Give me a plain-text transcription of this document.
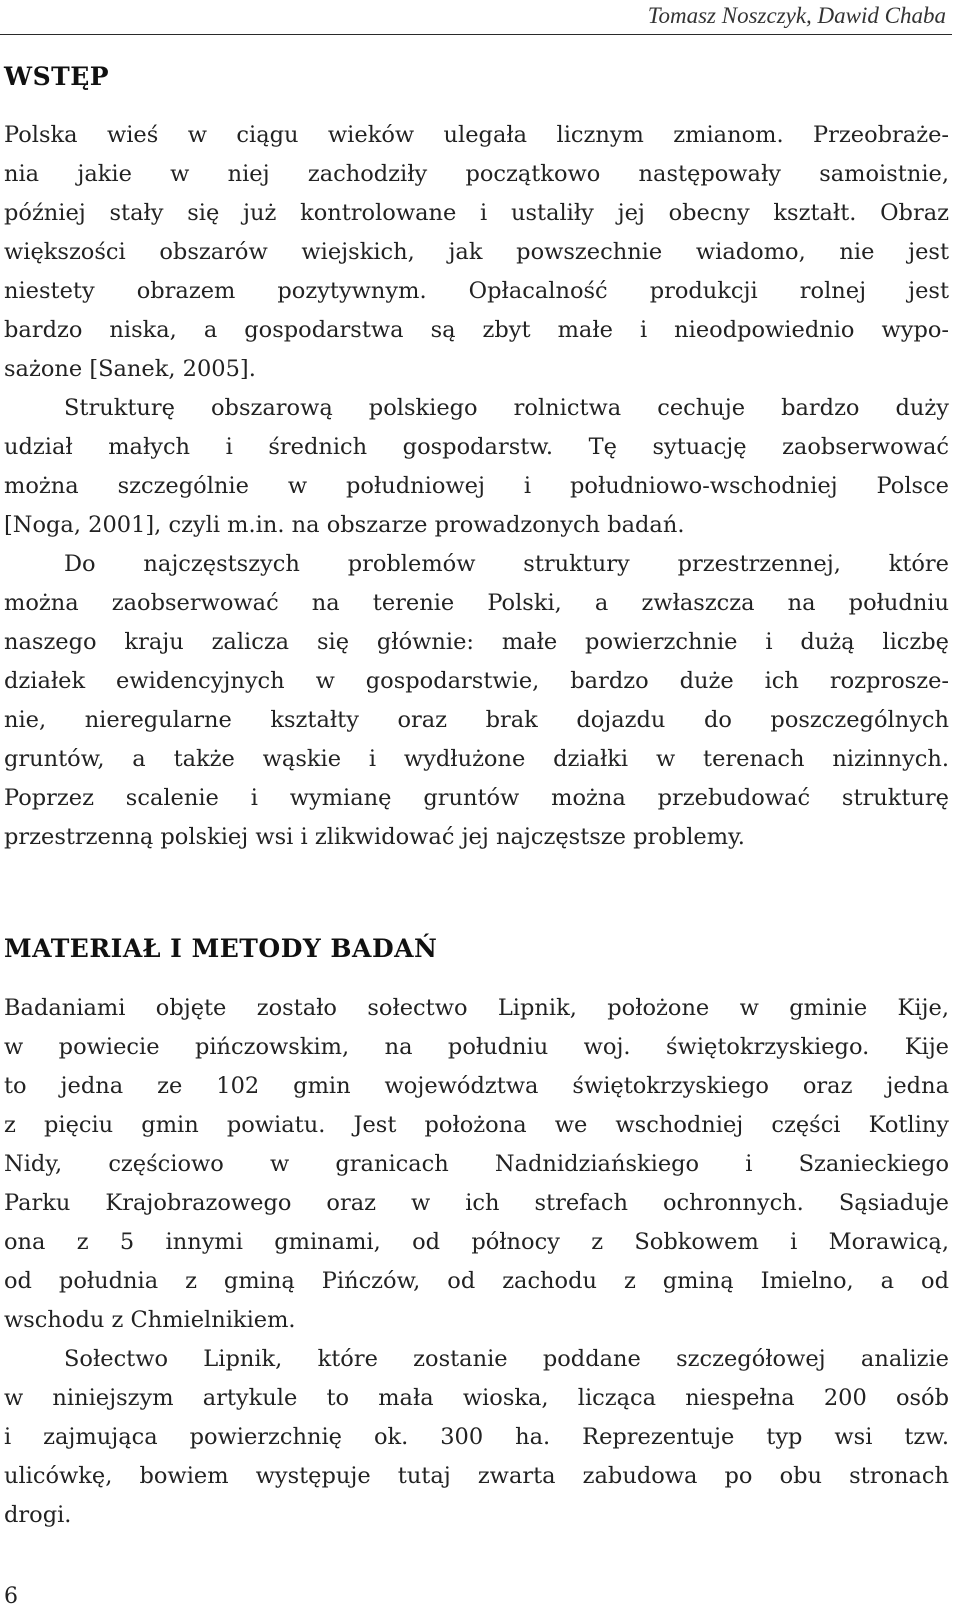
Tomasz Noszczyk, Dawid Chaba
WSTĘP
Polska wieś w ciągu wieków ulegała licznym zmianom. Przeobraże-
nia jakie w niej zachodziły początkowo następowały samoistnie,
później stały się już kontrolowane i ustaliły jej obecny kształt. Obraz
większości obszarów wiejskich, jak powszechnie wiadomo, nie jest
niestety obrazem pozytywnym. Opłacalność produkcji rolnej jest
bardzo niska, a gospodarstwa są zbyt małe i nieodpowiednio wypo-
sażone [Sanek, 2005].
Strukturę obszarową polskiego rolnictwa cechuje bardzo duży
udział małych i średnich gospodarstw. Tę sytuację zaobserwować
można szczególnie w południowej i południowo-wschodniej Polsce
[Noga, 2001], czyli m.in. na obszarze prowadzonych badań.
Do najczęstszych problemów struktury przestrzennej, które
można zaobserwować na terenie Polski, a zwłaszcza na południu
naszego kraju zalicza się głównie: małe powierzchnie i dużą liczbę
działek ewidencyjnych w gospodarstwie, bardzo duże ich rozprosze-
nie, nieregularne kształty oraz brak dojazdu do poszczególnych
gruntów, a także wąskie i wydłużone działki w terenach nizinnych.
Poprzez scalenie i wymianę gruntów można przebudować strukturę
przestrzenną polskiej wsi i zlikwidować jej najczęstsze problemy.
MATERIAŁ I METODY BADAŃ
Badaniami objęte zostało sołectwo Lipnik, położone w gminie Kije,
w powiecie pińczowskim, na południu woj. świętokrzyskiego. Kije
to jedna ze 102 gmin województwa świętokrzyskiego oraz jedna
z pięciu gmin powiatu. Jest położona we wschodniej części Kotliny
Nidy, częściowo w granicach Nadnidziańskiego i Szanieckiego
Parku Krajobrazowego oraz w ich strefach ochronnych. Sąsiaduje
ona z 5 innymi gminami, od północy z Sobkowem i Morawicą,
od południa z gminą Pińczów, od zachodu z gminą Imielno, a od
wschodu z Chmielnikiem.
Sołectwo Lipnik, które zostanie poddane szczegółowej analizie
w niniejszym artykule to mała wioska, licząca niespełna 200 osób
i zajmująca powierzchnię ok. 300 ha. Reprezentuje typ wsi tzw.
ulicówkę, bowiem występuje tutaj zwarta zabudowa po obu stronach
drogi.
6
